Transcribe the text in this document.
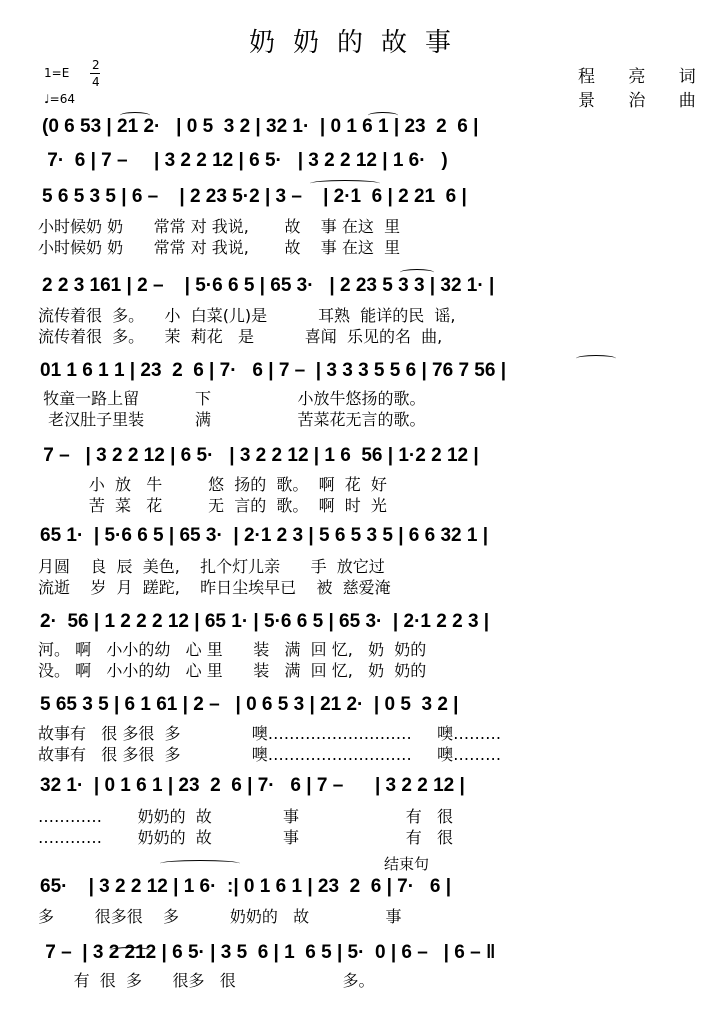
奶奶的故事
1=E
2
4
♩=64
程 亮 词
景 治 曲
(0 6 53 | 21 2·   | 0 5  3 2 | 32 1·  | 0 1 6 1 | 23  2  6 |
7·  6 | 7 –     | 3 2 2 12 | 6 5·   | 3 2 2 12 | 1 6·   )
5 6 5 3 5 | 6 –    | 2 23 5·2 | 3 –    | 2·1  6 | 2 21  6 |
小时候奶 奶      常常 对 我说,       故    事 在这  里
小时候奶 奶      常常 对 我说,       故    事 在这  里
2 2 3 161 | 2 –    | 5·6 6 5 | 65 3·   | 2 23 5 3 3 | 32 1· |
流传着很  多。    小  白菜(儿)是          耳熟  能详的民  谣,
流传着很  多。    茉  莉花   是          喜闻  乐见的名  曲,
01 1 6 1 1 | 23  2  6 | 7·   6 | 7 –  | 3 3 3 5 5 6 | 76 7 56 |
牧童一路上留           下                 小放牛悠扬的歌。
老汉肚子里装          满                 苦菜花无言的歌。
7 –   | 3 2 2 12 | 6 5·   | 3 2 2 12 | 1 6  56 | 1·2 2 12 |
小  放   牛         悠  扬的  歌。  啊  花  好
苦  菜   花         无  言的  歌。  啊  时  光
65 1·  | 5·6 6 5 | 65 3·  | 2·1 2 3 | 5 6 5 3 5 | 6 6 32 1 |
月圆    良  辰  美色,    扎个灯儿亲      手  放它过
流逝    岁  月  蹉跎,    昨日尘埃早已    被  慈爱淹
2·  56 | 1 2 2 2 12 | 65 1· | 5·6 6 5 | 65 3·  | 2·1 2 2 3 |
河。 啊   小小的幼   心 里      装   满  回 忆,   奶  奶的
没。 啊   小小的幼   心 里      装   满  回 忆,   奶  奶的
5 65 3 5 | 6 1 61 | 2 –   | 0 6 5 3 | 21 2·  | 0 5  3 2 |
故事有   很 多很  多              噢………………………     噢………
故事有   很 多很  多              噢………………………     噢………
32 1·  | 0 1 6 1 | 23  2  6 | 7·   6 | 7 –      | 3 2 2 12 |
…………       奶奶的  故              事                     有   很
…………       奶奶的  故              事                     有   很
结束句
65·    | 3 2 2 12 | 1 6·  :| 0 1 6 1 | 23  2  6 | 7·   6 |
多        很多很    多          奶奶的   故               事
7 –  | 3 2 212 | 6 5· | 3 5  6 | 1  6 5 | 5·  0 | 6 –   | 6 – ‖
有  很  多      很多   很                     多。
